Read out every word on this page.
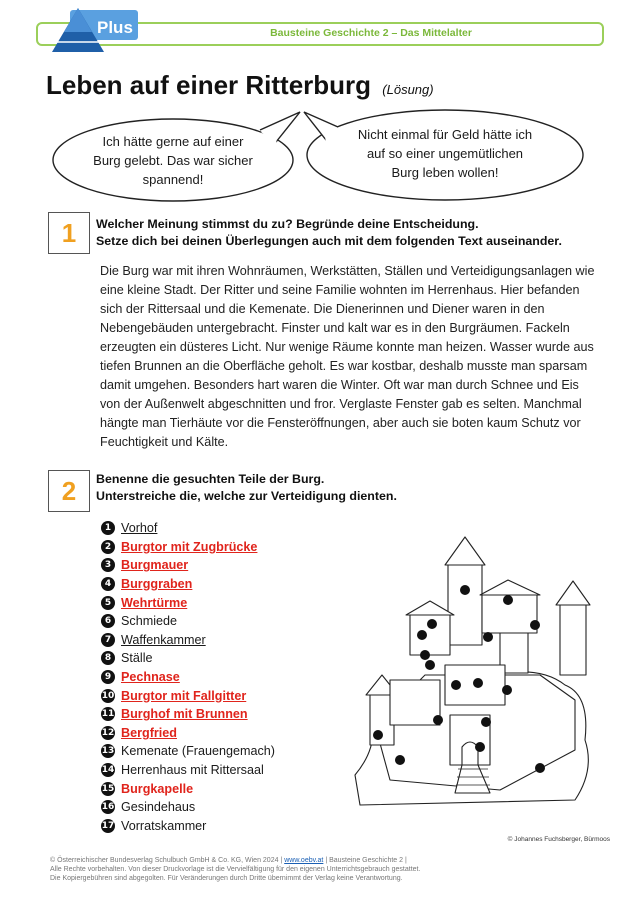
Bausteine Geschichte 2 – Das Mittelalter
Plus
Leben auf einer Ritterburg (Lösung)
Ich hätte gerne auf einer
Burg gelebt. Das war sicher
spannend!
Nicht einmal für Geld hätte ich
auf so einer ungemütlichen
Burg leben wollen!
1	Welcher Meinung stimmst du zu? Begründe deine Entscheidung.
Setze dich bei deinen Überlegungen auch mit dem folgenden Text auseinander.
Die Burg war mit ihren Wohnräumen, Werkstätten, Ställen und Verteidigungsanlagen wie eine kleine Stadt. Der Ritter und seine Familie wohnten im Herrenhaus. Hier befanden sich der Rittersaal und die Kemenate. Die Dienerinnen und Diener waren in den Nebengebäuden untergebracht. Finster und kalt war es in den Burgräumen. Fackeln erzeugten ein düsteres Licht. Nur wenige Räume konnte man heizen. Wasser wurde aus tiefen Brunnen an die Oberfläche geholt. Es war kostbar, deshalb musste man sparsam damit umgehen. Besonders hart waren die Winter. Oft war man durch Schnee und Eis von der Außenwelt abgeschnitten und fror. Verglaste Fenster gab es selten. Manchmal hängte man Tierhäute vor die Fensteröffnungen, aber auch sie boten kaum Schutz vor Feuchtigkeit und Kälte.
2	Benenne die gesuchten Teile der Burg.
Unterstreiche die, welche zur Verteidigung dienten.
1 Vorhof
2 Burgtor mit Zugbrücke
3 Burgmauer
4 Burggraben
5 Wehrtürme
6 Schmiede
7 Waffenkammer
8 Ställe
9 Pechnase
10 Burgtor mit Fallgitter
11 Burghof mit Brunnen
12 Bergfried
13 Kemenate (Frauengemach)
14 Herrenhaus mit Rittersaal
15 Burgkapelle
16 Gesindehaus
17 Vorratskammer
© Johannes Fuchsberger, Bürmoos
© Österreichischer Bundesverlag Schulbuch GmbH & Co. KG, Wien 2024 | www.oebv.at | Bausteine Geschichte 2 |
Alle Rechte vorbehalten. Von dieser Druckvorlage ist die Vervielfältigung für den eigenen Unterrichtsgebrauch gestattet.
Die Kopiergebühren sind abgegolten. Für Veränderungen durch Dritte übernimmt der Verlag keine Verantwortung.
